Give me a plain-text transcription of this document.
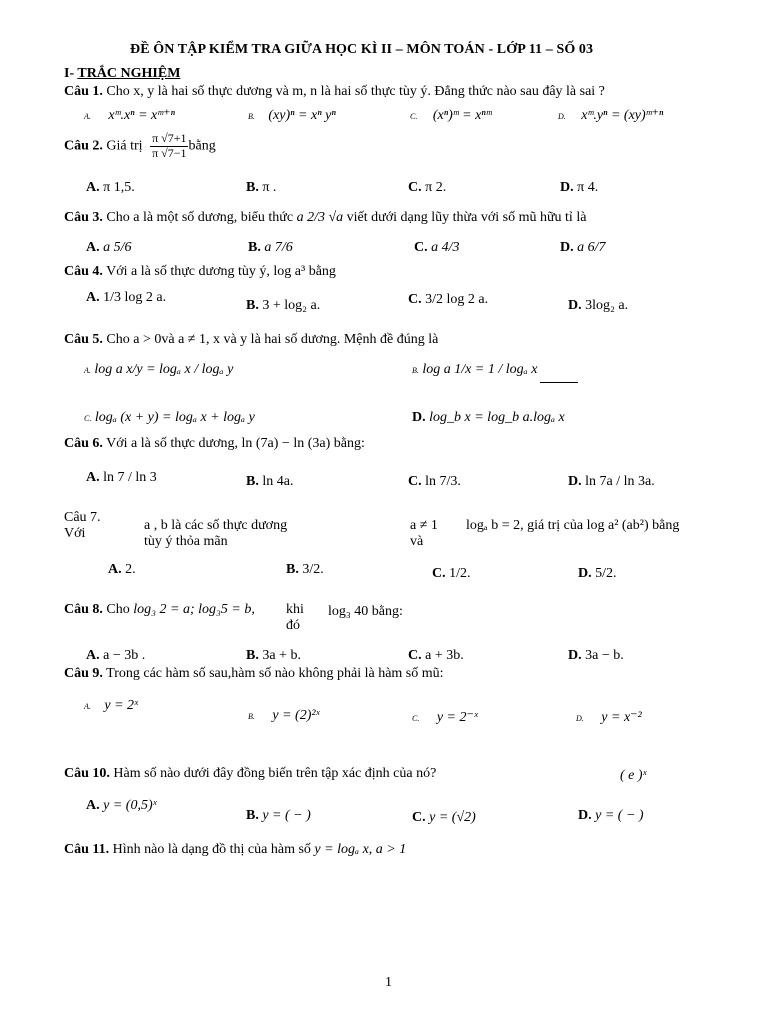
ĐỀ ÔN TẬP KIỂM TRA GIỮA HỌC KÌ II – MÔN TOÁN - LỚP 11 – SỐ 03
I- TRẮC NGHIỆM
Câu 1. Cho x, y là hai số thực dương và m, n là hai số thực tùy ý. Đẳng thức nào sau đây là sai ?
A. xᵐ.xⁿ = xᵐ⁺ⁿ	B. (xy)ⁿ = xⁿ yⁿ	C. (xⁿ)ᵐ = xⁿᵐ	D. xᵐ.yⁿ = (xy)ᵐ⁺ⁿ
Câu 2. Giá trị $\frac{\pi √7+1}{\pi √7-1}$ bằng
A. π 1,5.	B. π .	C. π 2.	D. π 4.
Câu 3. Cho a là một số dương, biểu thức a 2/3 √a viết dưới dạng lũy thừa với số mũ hữu tỉ là
A. a 5/6	B. a 7/6	C. a 4/3	D. a 6/7
Câu 4. Với a là số thực dương tùy ý, log a³ bằng
A. 1/3 log 2 a.
B. 3 + log₂ a.	C. 3/2 log 2 a.	D. 3log₂ a.
Câu 5. Cho a > 0và a ≠ 1, x và y là hai số dương. Mệnh đề đúng là
A. log a x/y = logₐ x / logₐ y	B. log a 1/x = 1 / logₐ x
C. logₐ (x + y) = logₐ x + logₐ y	D. log_b x = log_b a.logₐ x
Câu 6. Với a là số thực dương, ln (7a) − ln (3a) bằng:
A. ln 7 / ln 3	B. ln 4a.	C. ln 7/3.	D. ln 7a / ln 3a.
Câu 7.
Với
a , b là các số thực dương tùy ý thỏa mãn
a ≠ 1 và
logₐ b = 2, giá trị của log a² (ab²) bằng
A. 2.	B. 3/2.	C. 1/2.	D. 5/2.
Câu 8. Cho log₃ 2 = a; log₃5 = b, khi đó
log₃ 40 bằng:
A. a − 3b .	B. 3a + b.	C. a + 3b.	D. 3a − b.
Câu 9. Trong các hàm số sau,hàm số nào không phải là hàm số mũ:
A. y = 2ˣ
B. y = (2)²ˣ	C. y = 2⁻ˣ	D. y = x⁻²
Câu 10. Hàm số nào dưới đây đồng biến trên tập xác định của nó?	( e )ˣ
A. y = (0,5)ˣ
B. y = ( − )	C. y = (√2)	D. y = ( − )
Câu 11. Hình nào là dạng đồ thị của hàm số y = logₐ x, a > 1
1
